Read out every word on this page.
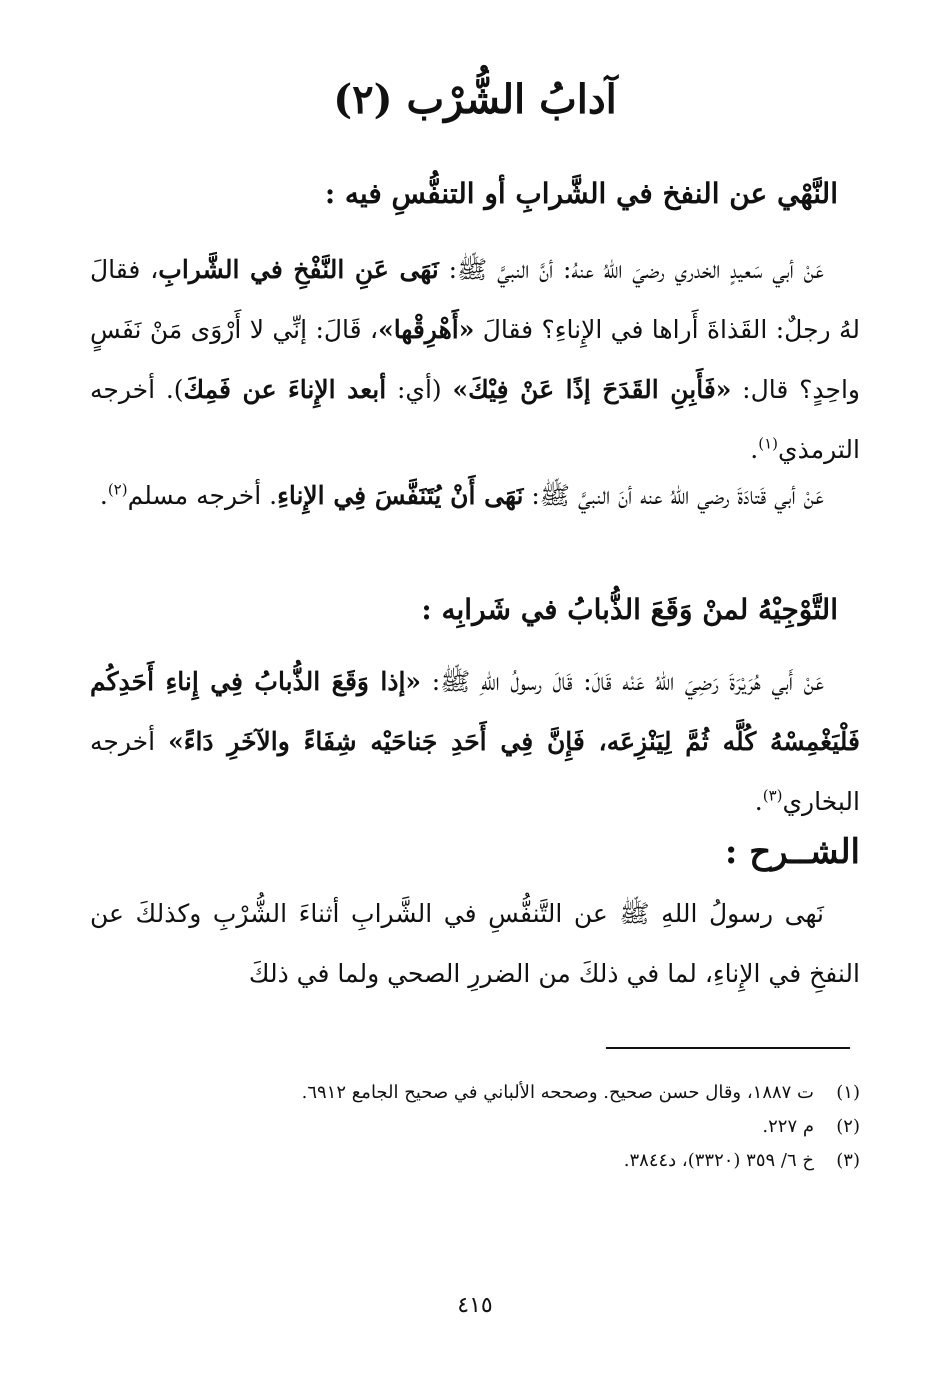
آدابُ الشُّرْب (٢)
النَّهْي عن النفخ في الشَّرابِ أو التنفُّسِ فيه :
عَنْ أبي سَعيدٍ الخدري رضيَ اللهُ عنهُ: أنَّ النبيَّ ﷺ: نَهَى عَنِ النَّفْخِ في الشَّرابِ، فقالَ لهُ رجلٌ: القَذاةَ أَراها في الإِناءِ؟ فقالَ «أَهْرِقْها»، قَالَ: إنِّي لا أَرْوَى مَنْ نَفَسٍ واحِدٍ؟ قال: «فَأَبِنِ القَدَحَ إذًا عَنْ فِيْكَ» (أي: أبعد الإِناءَ عن فَمِكَ). أخرجه الترمذي$^{(١)}$.
عَنْ أبي قَتادَةَ رضي اللهُ عنه أنَ النبيَّ ﷺ: نَهَى أَنْ يُتَنَفَّسَ فِي الإِناءِ. أخرجه مسلم$^{(٢)}$.
التَّوْجِيْهُ لمنْ وَقَعَ الذُّبابُ في شَرابِه :
عَنْ أَبي هُرَيْرَةَ رَضِيَ اللهُ عَنْه قَالَ: قَالَ رسولُ اللهِ ﷺ: «إذا وَقَعَ الذُّبابُ فِي إِناءِ أَحَدِكُم فَلْيَغْمِسْهُ كُلَّه ثُمَّ لِيَنْزِعَه، فَإِنَّ فِي أَحَدِ جَناحَيْه شِفَاءً والآخَرِ دَاءً» أخرجه البخاري$^{(٣)}$.
الشــرح :
نَهى رسولُ اللهِ ﷺ عن التَّنفُّسِ في الشَّرابِ أثناءَ الشُّرْبِ وكذلكَ عن النفخِ في الإِناءِ، لما في ذلكَ من الضررِ الصحي ولما في ذلكَ
(١)ت ١٨٨٧، وقال حسن صحيح. وصححه الألباني في صحيح الجامع ٦٩١٢.
(٢)م ٢٢٧.
(٣)خ ٦/ ٣٥٩ (٣٣٢٠)، د٣٨٤٤.
٤١٥
